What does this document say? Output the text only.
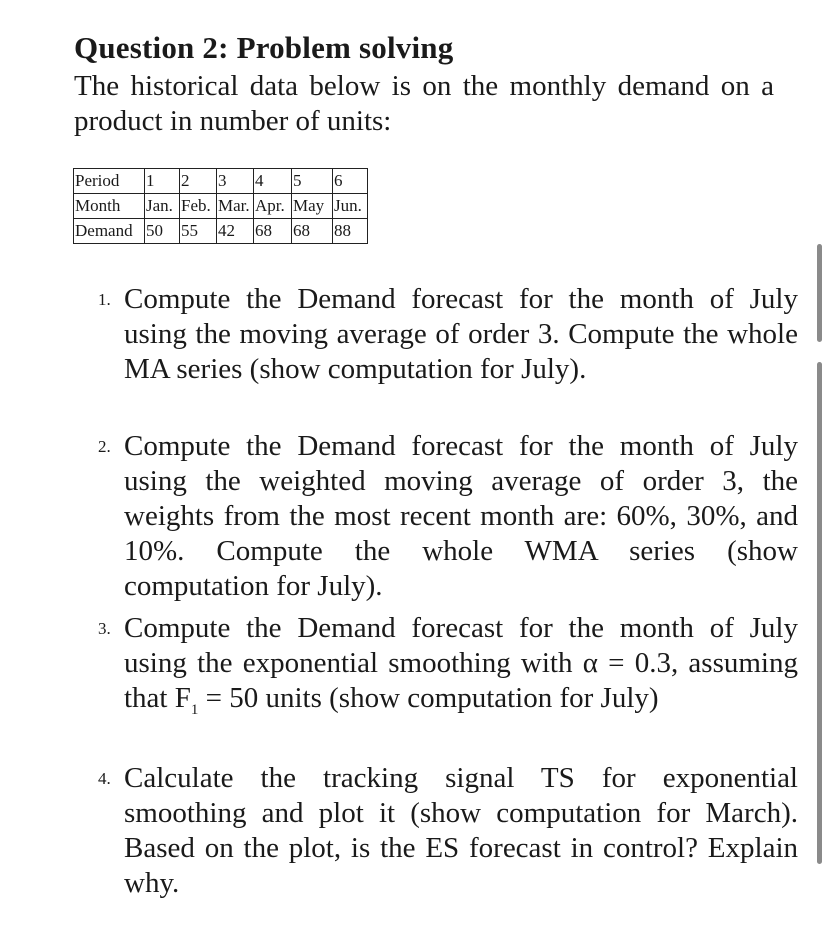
Question 2: Problem solving

The historical data below is on the monthly demand on a product in number of units:

Period	1	2	3	4	5	6
Month	Jan.	Feb.	Mar.	Apr.	May	Jun.
Demand	50	55	42	68	68	88
1. Compute the Demand forecast for the month of July using the moving average of order 3. Compute the whole MA series (show computation for July).
2. Compute the Demand forecast for the month of July using the weighted moving average of order 3, the weights from the most recent month are: 60%, 30%, and 10%. Compute the whole WMA series (show computation for July).
3. Compute the Demand forecast for the month of July using the exponential smoothing with α = 0.3, assuming that $F_1 = 50$ units (show computation for July)
4. Calculate the tracking signal TS for exponential smoothing and plot it (show computation for March). Based on the plot, is the ES forecast in control? Explain why.
